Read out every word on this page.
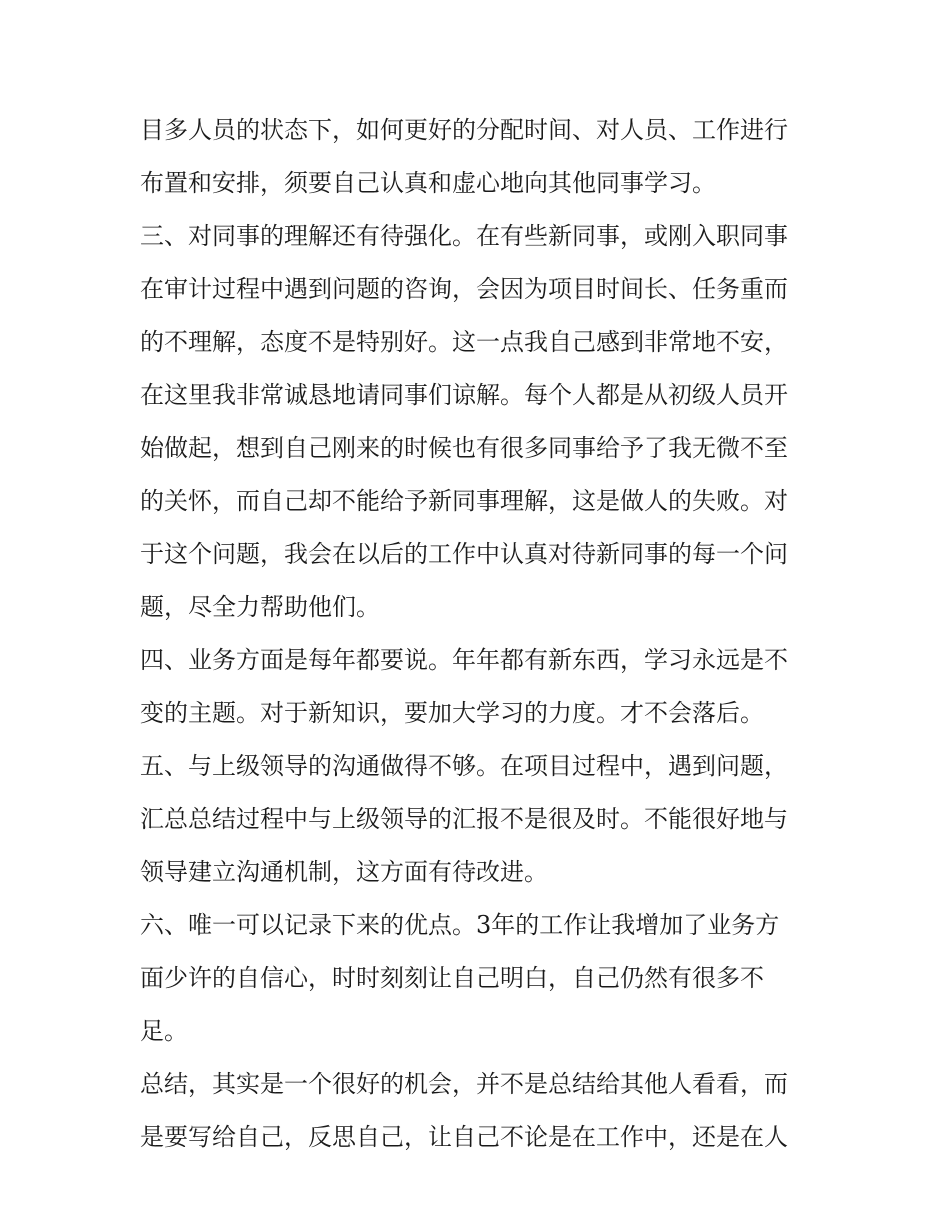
目多人员的状态下，如何更好的分配时间、对人员、工作进行
布置和安排，须要自己认真和虚心地向其他同事学习。
三、对同事的理解还有待强化。在有些新同事，或刚入职同事
在审计过程中遇到问题的咨询，会因为项目时间长、任务重而
的不理解，态度不是特别好。这一点我自己感到非常地不安，
在这里我非常诚恳地请同事们谅解。每个人都是从初级人员开
始做起，想到自己刚来的时候也有很多同事给予了我无微不至
的关怀，而自己却不能给予新同事理解，这是做人的失败。对
于这个问题，我会在以后的工作中认真对待新同事的每一个问
题，尽全力帮助他们。
四、业务方面是每年都要说。年年都有新东西，学习永远是不
变的主题。对于新知识，要加大学习的力度。才不会落后。
五、与上级领导的沟通做得不够。在项目过程中，遇到问题，
汇总总结过程中与上级领导的汇报不是很及时。不能很好地与
领导建立沟通机制，这方面有待改进。
六、唯一可以记录下来的优点。3年的工作让我增加了业务方
面少许的自信心，时时刻刻让自己明白，自己仍然有很多不
足。
总结，其实是一个很好的机会，并不是总结给其他人看看，而
是要写给自己，反思自己，让自己不论是在工作中，还是在人
